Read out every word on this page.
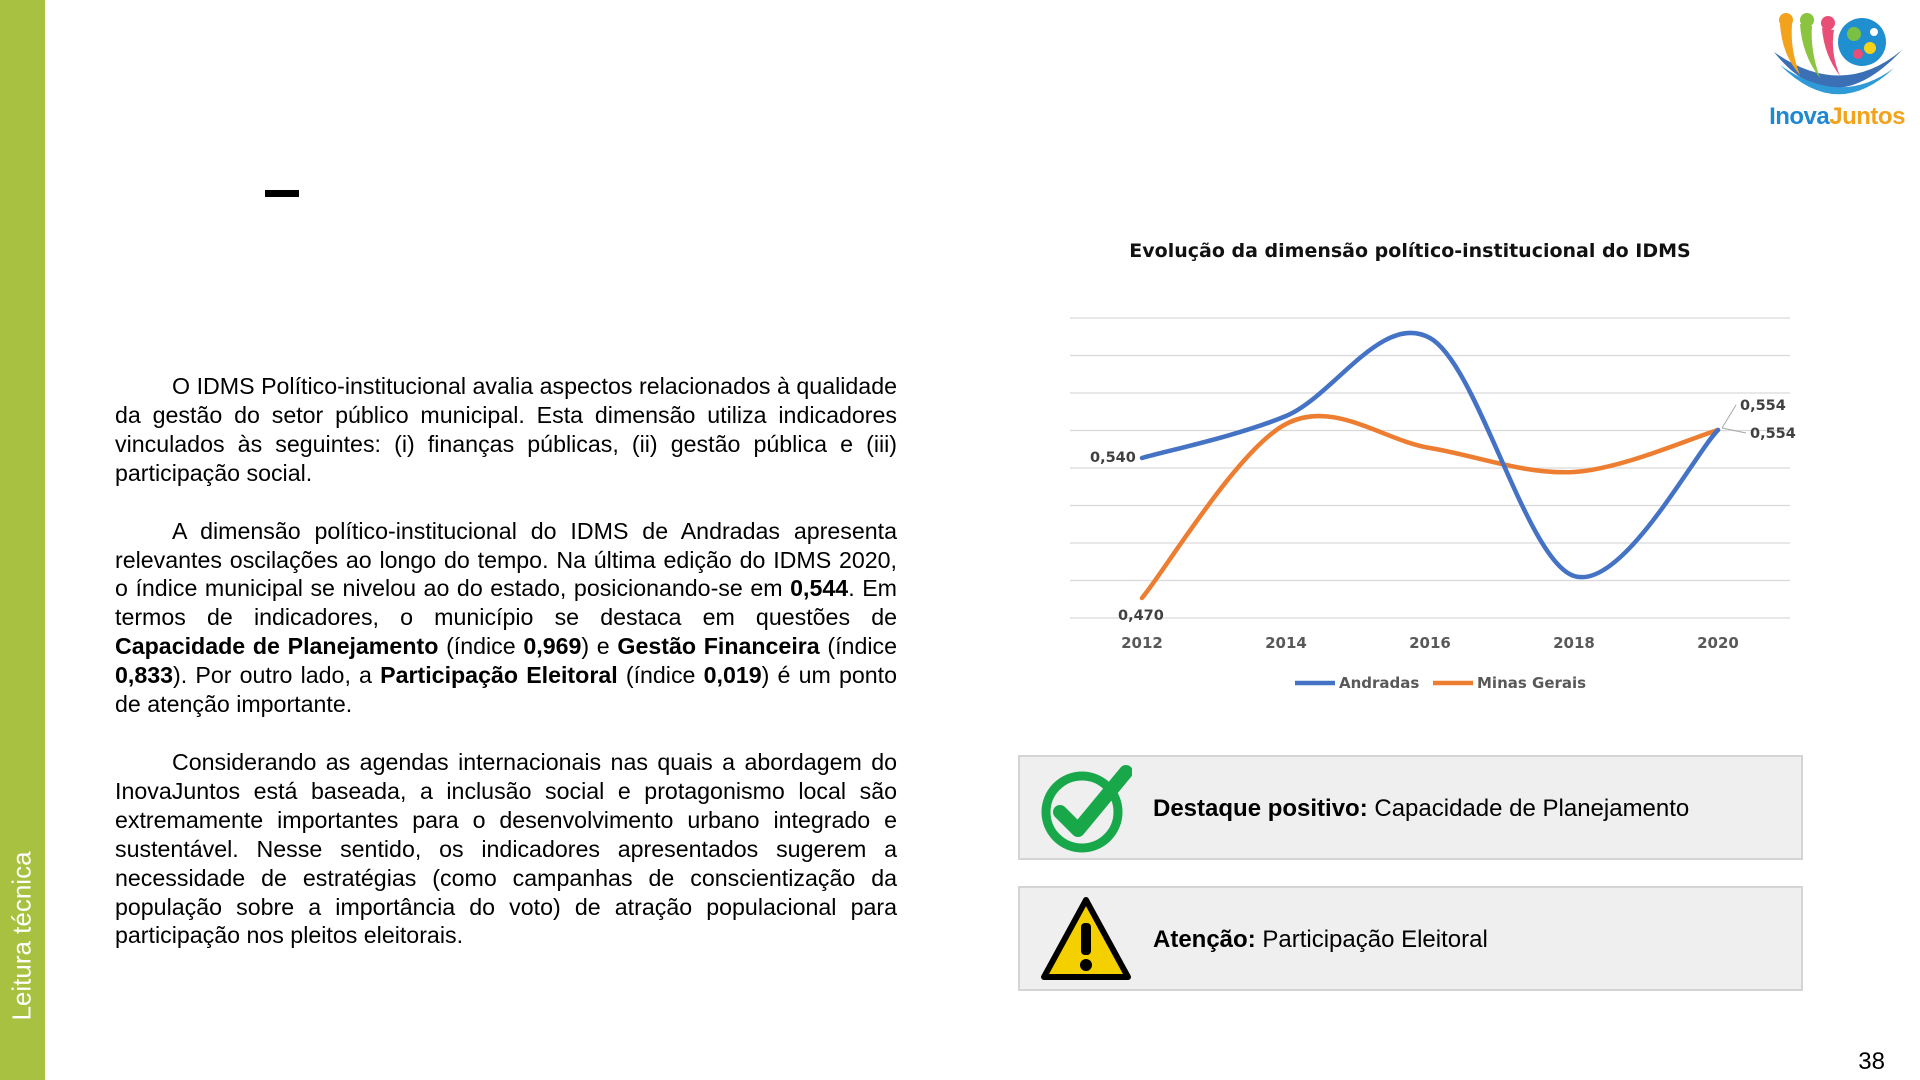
Leitura técnica
InovaJuntos

O IDMS Político-institucional avalia aspectos relacionados à qualidade da gestão do setor público municipal. Esta dimensão utiliza indicadores vinculados às seguintes: (i) finanças públicas, (ii) gestão pública e (iii) participação social.

A dimensão político-institucional do IDMS de Andradas apresenta relevantes oscilações ao longo do tempo. Na última edição do IDMS 2020, o índice municipal se nivelou ao do estado, posicionando-se em 0,544. Em termos de indicadores, o município se destaca em questões de Capacidade de Planejamento (índice 0,969) e Gestão Financeira (índice 0,833). Por outro lado, a Participação Eleitoral (índice 0,019) é um ponto de atenção importante.

Considerando as agendas internacionais nas quais a abordagem do InovaJuntos está baseada, a inclusão social e protagonismo local são extremamente importantes para o desenvolvimento urbano integrado e sustentável. Nesse sentido, os indicadores apresentados sugerem a necessidade de estratégias (como campanhas de conscientização da população sobre a importância do voto) de atração populacional para participação nos pleitos eleitorais.

Evolução da dimensão político-institucional do IDMS
2012	2014	2016	2018	2020
0,540
0,470
0,554
0,554
Andradas	Minas Gerais
Destaque positivo: Capacidade de Planejamento
Atenção: Participação Eleitoral
38
